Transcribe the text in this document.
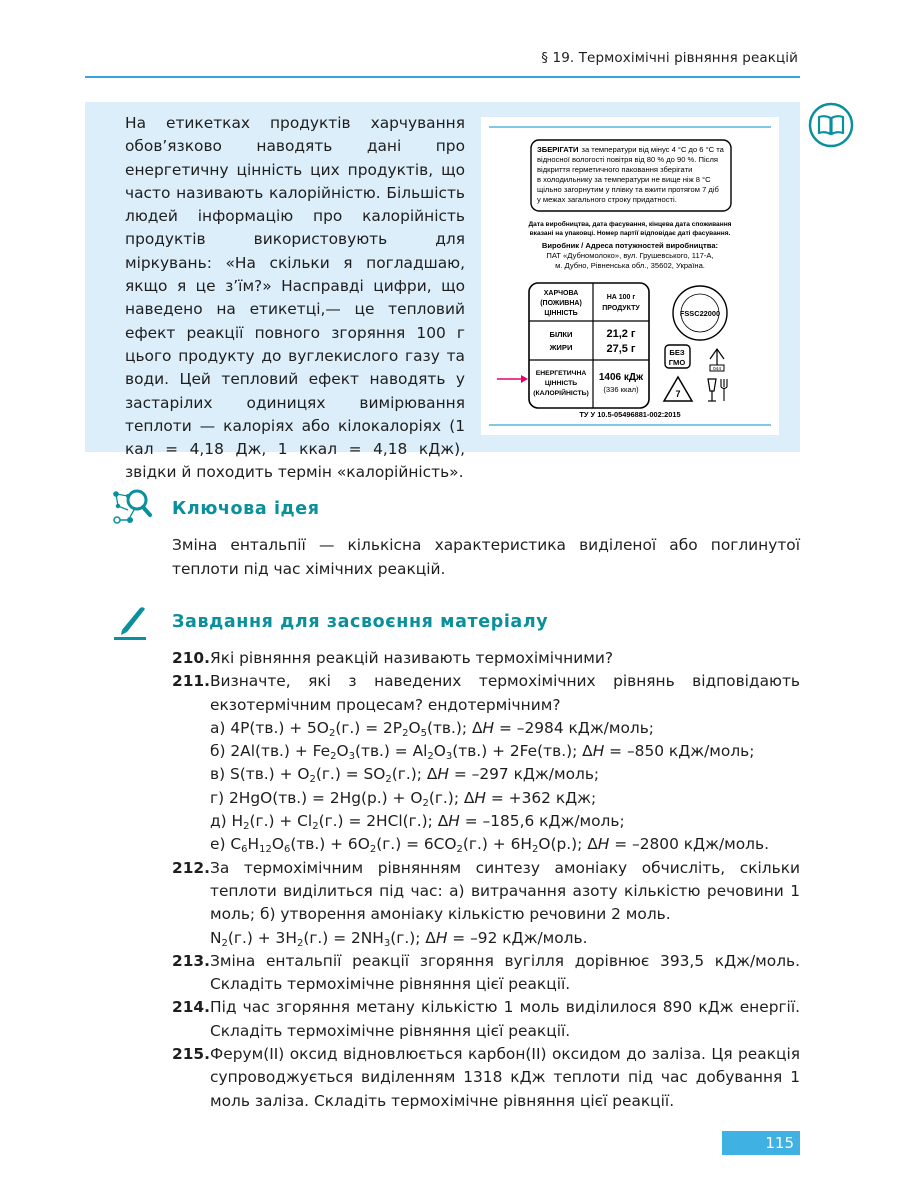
§ 19. Термохімічні рівняння реакцій
На етикетках продуктів харчування обов’язково наводять дані про енергетичну цінність цих продуктів, що часто називають калорійністю. Більшість людей інформацію про калорійність продуктів використовують для міркувань: «На скільки я погладшаю, якщо я це з’їм?» Насправді цифри, що наведено на етикетці,— це тепловий ефект реакції повного згоряння 100 г цього продукту до вуглекислого газу та води. Цей тепловий ефект наводять у застарілих одиницях вимірювання теплоти — калоріях або кілокалоріях (1 кал = 4,18 Дж, 1 ккал = 4,18 кДж), звідки й походить термін «калорійність».
ЗБЕРІГАТИ за температури від мінус 4 °С до 6 °С та
відносної вологості повітря від 80 % до 90 %. Після
відкриття герметичного паковання зберігати
в холодильнику за температури не вище ніж 8 °С
щільно загорнутим у плівку та вжити протягом 7 діб
у межах загального строку придатності.
Дата виробництва, дата фасування, кінцева дата споживання
вказані на упаковці. Номер партії відповідає даті фасування.
Виробник / Адреса потужностей виробництва:
ПАТ «Дубномолоко», вул. Грушевського, 117-А,
м. Дубно, Рівненська обл., 35602, Україна.
ХАРЧОВА
(ПОЖИВНА)
ЦІННІСТЬ
НА 100 г
ПРОДУКТУ
БІЛКИ
ЖИРИ
21,2 г
27,5 г
ЕНЕРГЕТИЧНА
ЦІННІСТЬ
(КАЛОРІЙНІСТЬ)
1406 кДж
(336 ккал)
FSSC22000
БЕЗ
ГМО
044
7
ТУ У 10.5-05496881-002:2015
Ключова ідея
Зміна ентальпії — кількісна характеристика виділеної або поглинутої теплоти під час хімічних реакцій.
Завдання для засвоєння матеріалу
210. Які рівняння реакцій називають термохімічними?

211. Визначте, які з наведених термохімічних рівнянь відповідають екзотермічним процесам? ендотермічним?

а) $4P(тв.) + 5O_2(г.) = 2P_2O_5(тв.)$; ΔH = –2984 кДж/моль;

б) $2Al(тв.) + Fe_2O_3(тв.) = Al_2O_3(тв.) + 2Fe(тв.)$; ΔH = –850 кДж/моль;

в) $S(тв.) + O_2(г.) = SO_2(г.)$; ΔH = –297 кДж/моль;

г) $2HgO(тв.) = 2Hg(р.) + O_2(г.)$; ΔH = +362 кДж;

д) $H_2(г.) + Cl_2(г.) = 2HCl(г.)$; ΔH = –185,6 кДж/моль;

е) $C_6H_{12}O_6(тв.) + 6O_2(г.) = 6CO_2(г.) + 6H_2O(р.)$; ΔH = –2800 кДж/моль.

212. За термохімічним рівнянням синтезу амоніаку обчисліть, скільки теплоти виділиться під час: а) витрачання азоту кількістю речовини 1 моль; б) утворення амоніаку кількістю речовини 2 моль.

$N_2(г.) + 3H_2(г.) = 2NH_3(г.)$; ΔH = –92 кДж/моль.

213. Зміна ентальпії реакції згоряння вугілля дорівнює 393,5 кДж/моль. Складіть термохімічне рівняння цієї реакції.

214. Під час згоряння метану кількістю 1 моль виділилося 890 кДж енергії. Складіть термохімічне рівняння цієї реакції.

215. Ферум(ІІ) оксид відновлюється карбон(ІІ) оксидом до заліза. Ця реакція супроводжується виділенням 1318 кДж теплоти під час добування 1 моль заліза. Складіть термохімічне рівняння цієї реакції.

115
